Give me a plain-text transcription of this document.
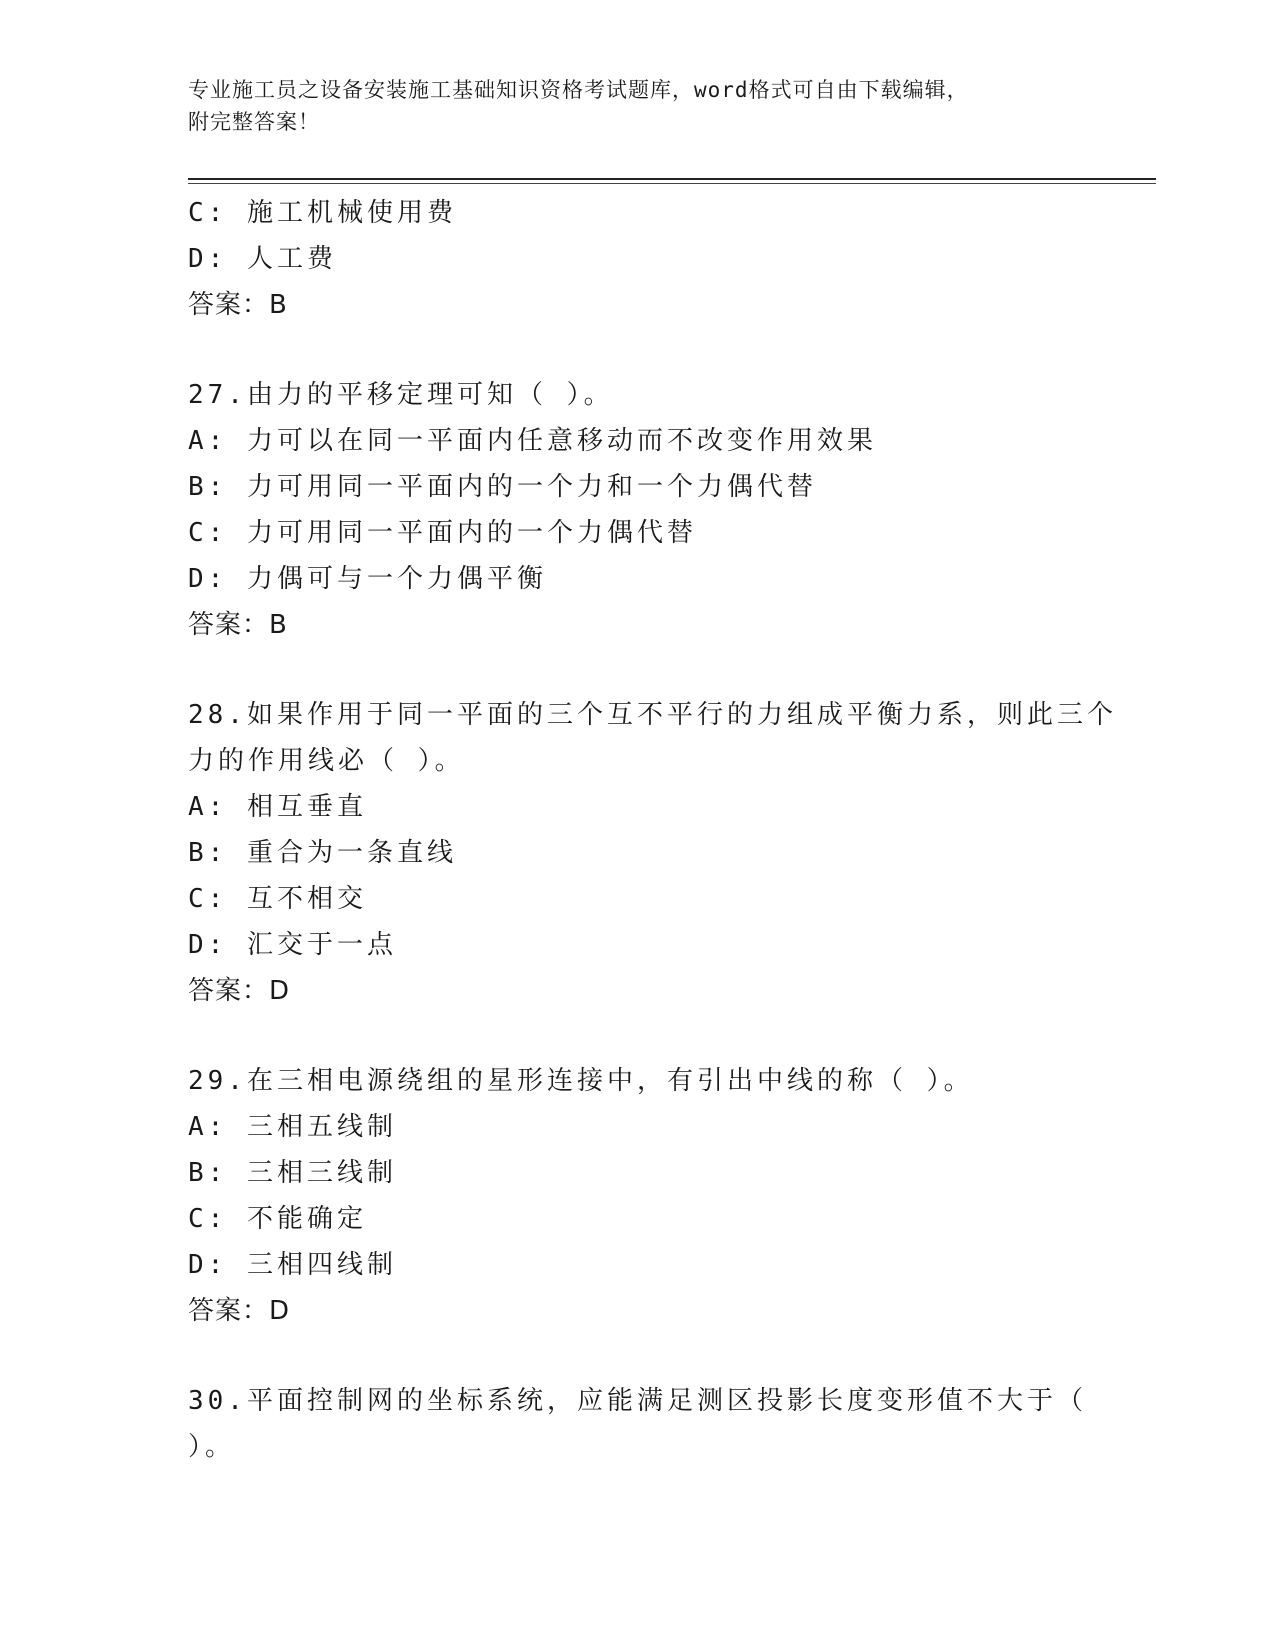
专业施工员之设备安装施工基础知识资格考试题库，word格式可自由下载编辑，
附完整答案！
C: 施工机械使用费
D: 人工费
答案：B
27.由力的平移定理可知（ ）。
A: 力可以在同一平面内任意移动而不改变作用效果
B: 力可用同一平面内的一个力和一个力偶代替
C: 力可用同一平面内的一个力偶代替
D: 力偶可与一个力偶平衡
答案：B
28.如果作用于同一平面的三个互不平行的力组成平衡力系，则此三个
力的作用线必（ ）。
A: 相互垂直
B: 重合为一条直线
C: 互不相交
D: 汇交于一点
答案：D
29.在三相电源绕组的星形连接中，有引出中线的称（ ）。
A: 三相五线制
B: 三相三线制
C: 不能确定
D: 三相四线制
答案：D
30.平面控制网的坐标系统，应能满足测区投影长度变形值不大于（
）。
